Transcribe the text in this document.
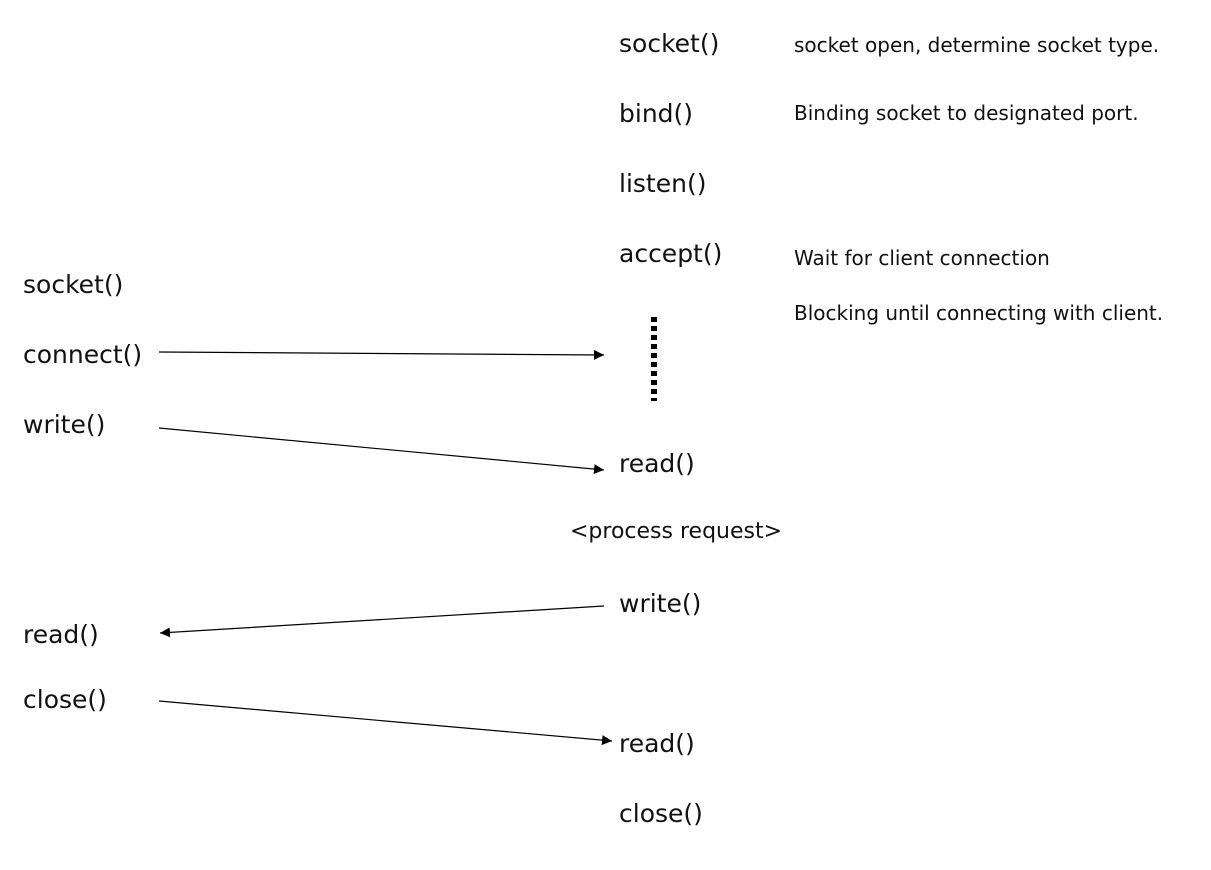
socket()
bind()
listen()
accept()
read()
<process request>
write()
read()
close()
socket open, determine socket type.
Binding socket to designated port.
Wait for client connection
Blocking until connecting with client.
socket()
connect()
write()
read()
close()
